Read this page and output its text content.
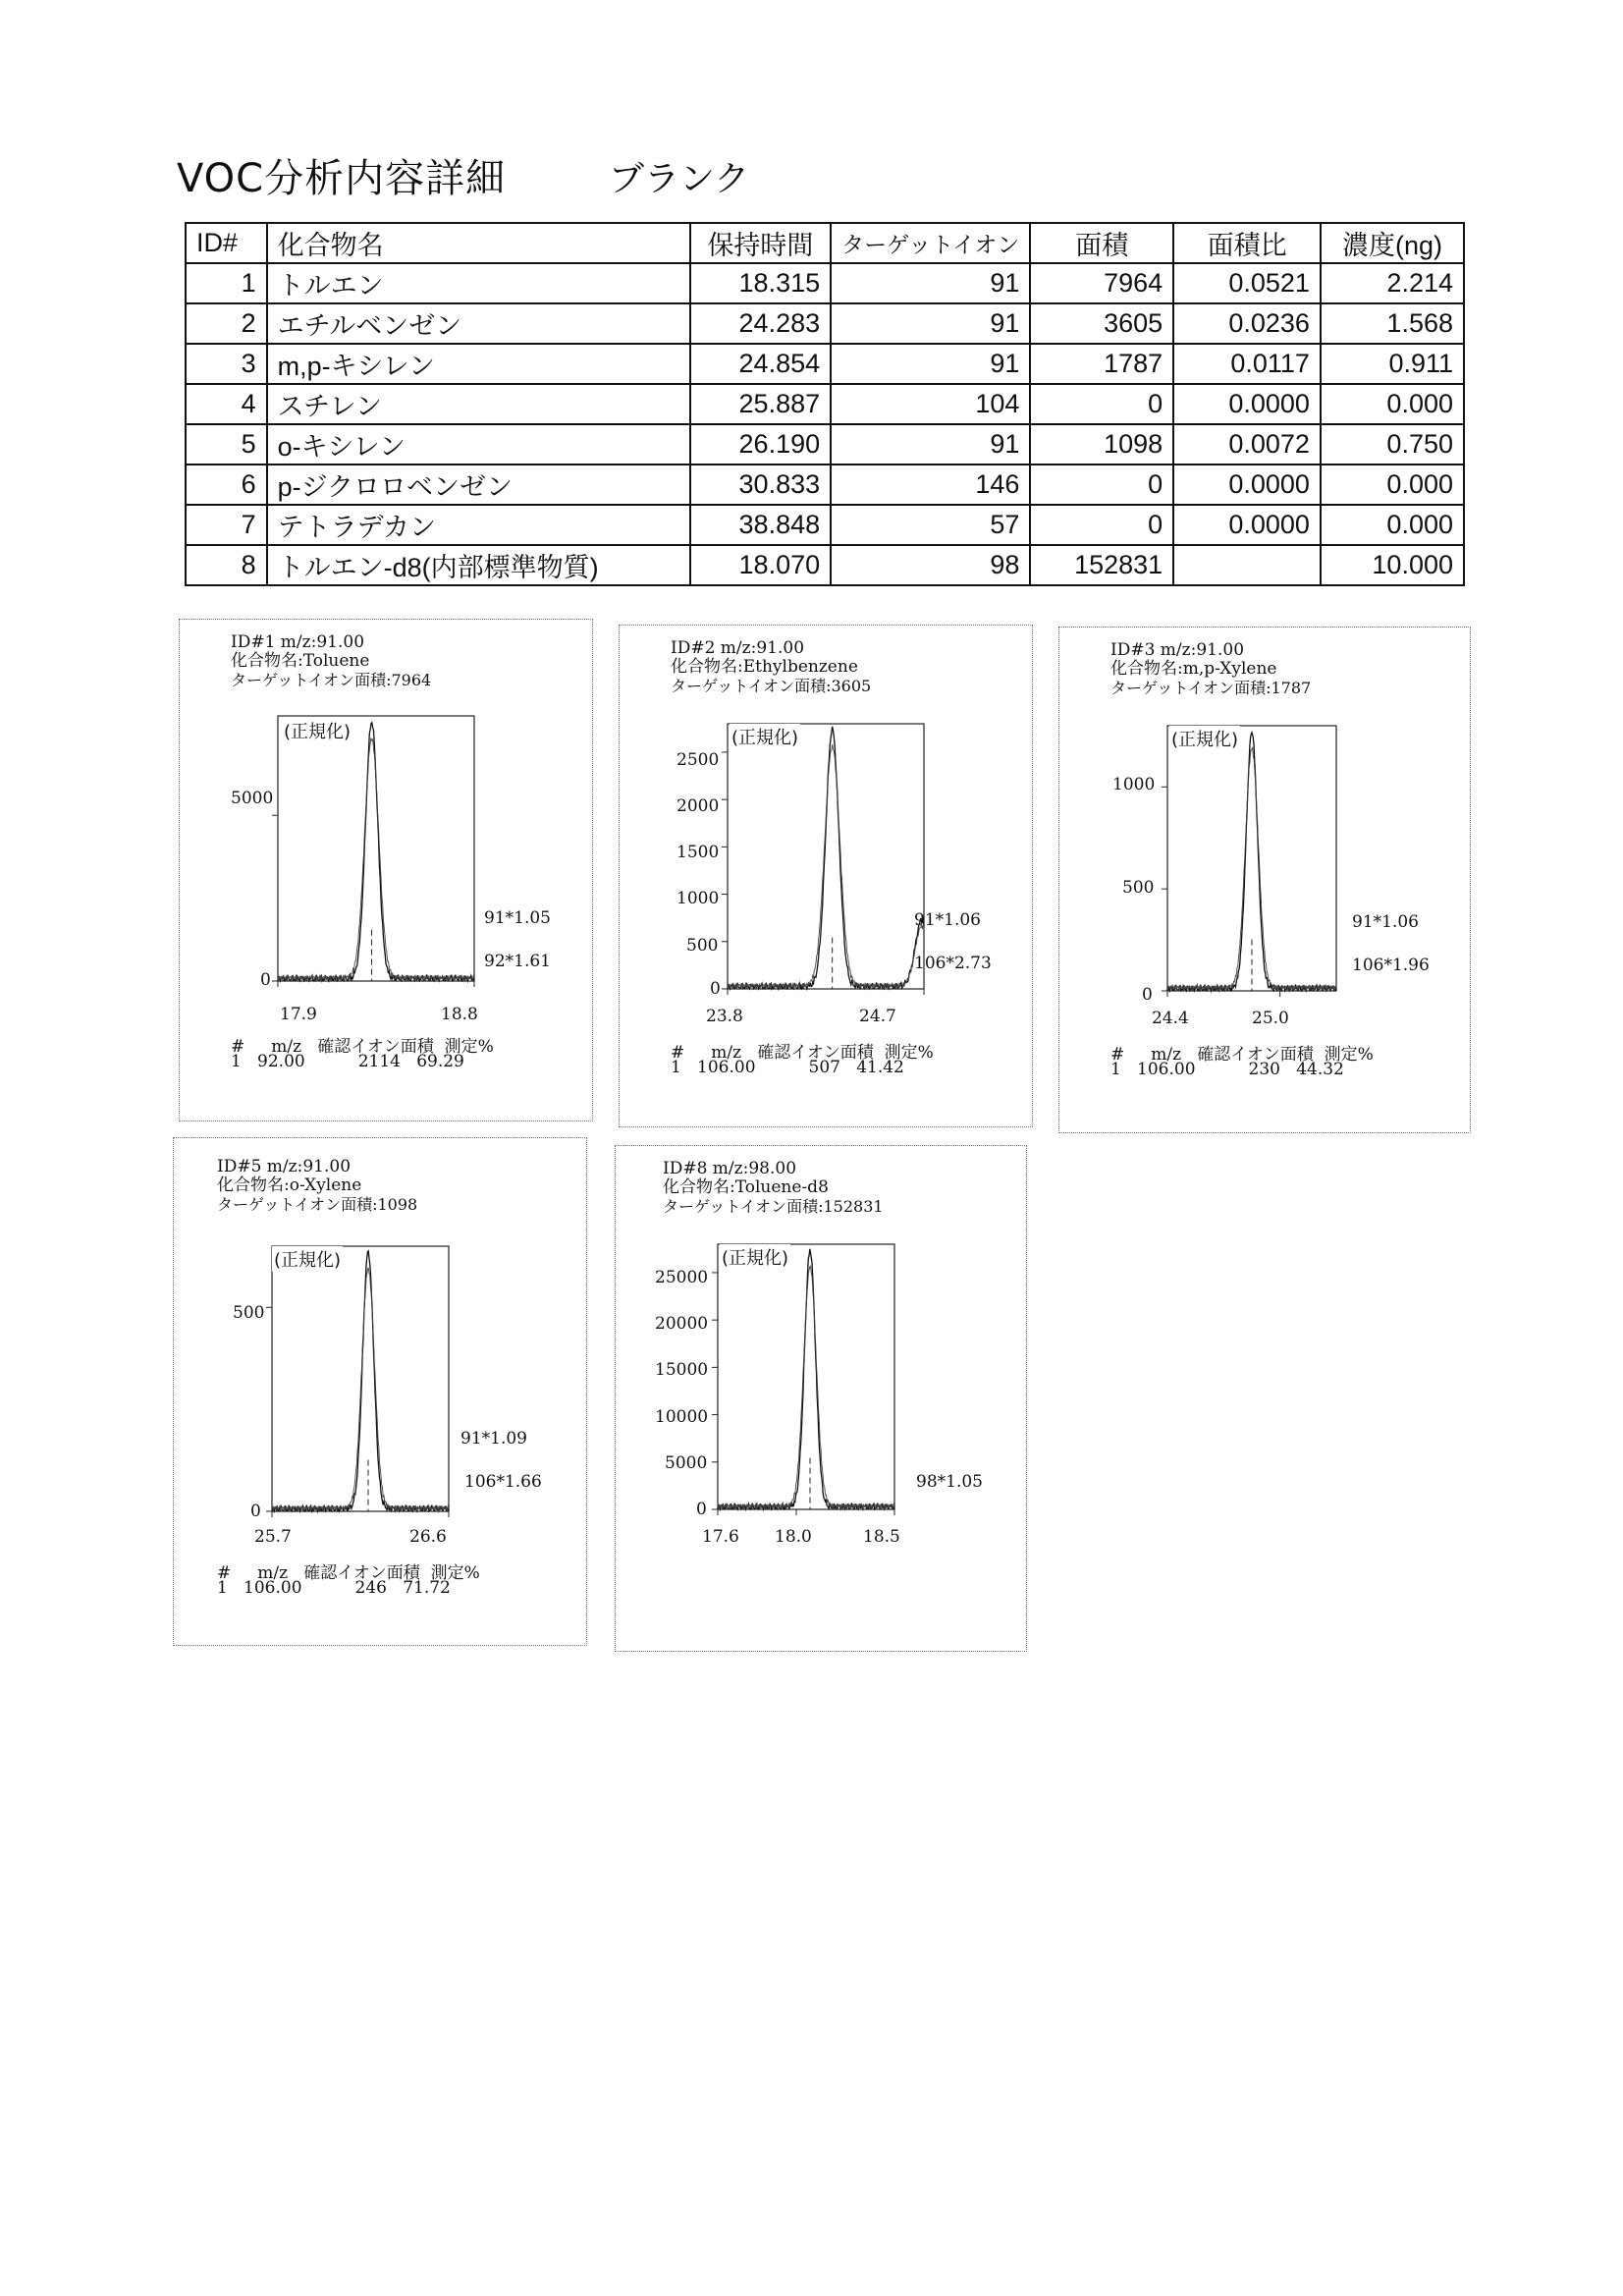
VOC分析内容詳細	ブランク
ID#	化合物名	保持時間	ターゲットイオン	面積	面積比	濃度(ng)
1	トルエン	18.315	91	7964	0.0521	2.214
2	エチルベンゼン	24.283	91	3605	0.0236	1.568
3	m,p-キシレン	24.854	91	1787	0.0117	0.911
4	スチレン	25.887	104	0	0.0000	0.000
5	o-キシレン	26.190	91	1098	0.0072	0.750
6	p-ジクロロベンゼン	30.833	146	0	0.0000	0.000
7	テトラデカン	38.848	57	0	0.0000	0.000
8	トルエン-d8(内部標準物質)	18.070	98	152831		10.000
ID#1 m/z:91.00
化合物名:Toluene
ターゲットイオン面積:7964
(正規化)
5000
0
17.9	18.8
91*1.05
92*1.61
#     m/z   確認イオン面積  測定%
1   92.00          2114   69.29
ID#2 m/z:91.00
化合物名:Ethylbenzene
ターゲットイオン面積:3605
(正規化)
2500
2000
1500
1000
500
0
23.8	24.7
91*1.06
106*2.73
#     m/z   確認イオン面積  測定%
1   106.00          507   41.42
ID#3 m/z:91.00
化合物名:m,p-Xylene
ターゲットイオン面積:1787
(正規化)
1000
500
0
24.4	25.0
91*1.06
106*1.96
#     m/z   確認イオン面積  測定%
1   106.00          230   44.32
ID#5 m/z:91.00
化合物名:o-Xylene
ターゲットイオン面積:1098
(正規化)
500
0
25.7	26.6
91*1.09
106*1.66
#     m/z   確認イオン面積  測定%
1   106.00          246   71.72
ID#8 m/z:98.00
化合物名:Toluene-d8
ターゲットイオン面積:152831
(正規化)
25000
20000
15000
10000
5000
0
17.6 18.0	18.5
98*1.05
